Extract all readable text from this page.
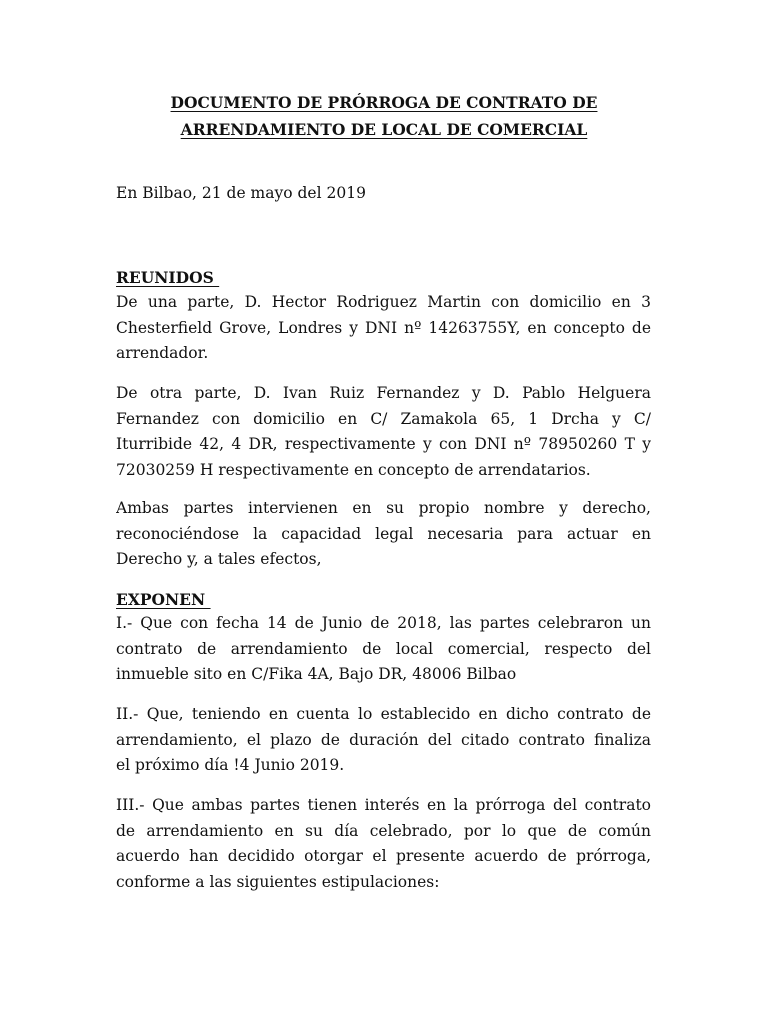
DOCUMENTO DE PRÓRROGA DE CONTRATO DE
ARRENDAMIENTO DE LOCAL DE COMERCIAL
En Bilbao, 21 de mayo del 2019
REUNIDOS
De una parte, D. Hector Rodriguez Martin con domicilio en 3
Chesterfield Grove, Londres y DNI nº 14263755Y, en concepto de
arrendador.
De otra parte, D. Ivan Ruiz Fernandez y D. Pablo Helguera
Fernandez con domicilio en C/ Zamakola 65, 1 Drcha y C/
Iturribide 42, 4 DR, respectivamente y con DNI nº 78950260 T y
72030259 H respectivamente en concepto de arrendatarios.
Ambas partes intervienen en su propio nombre y derecho,
reconociéndose la capacidad legal necesaria para actuar en
Derecho y, a tales efectos,
EXPONEN
I.- Que con fecha 14 de Junio de 2018, las partes celebraron un
contrato de arrendamiento de local comercial, respecto del
inmueble sito en C/Fika 4A, Bajo DR, 48006 Bilbao
II.- Que, teniendo en cuenta lo establecido en dicho contrato de
arrendamiento, el plazo de duración del citado contrato finaliza
el próximo día !4 Junio 2019.
III.- Que ambas partes tienen interés en la prórroga del contrato
de arrendamiento en su día celebrado, por lo que de común
acuerdo han decidido otorgar el presente acuerdo de prórroga,
conforme a las siguientes estipulaciones:
